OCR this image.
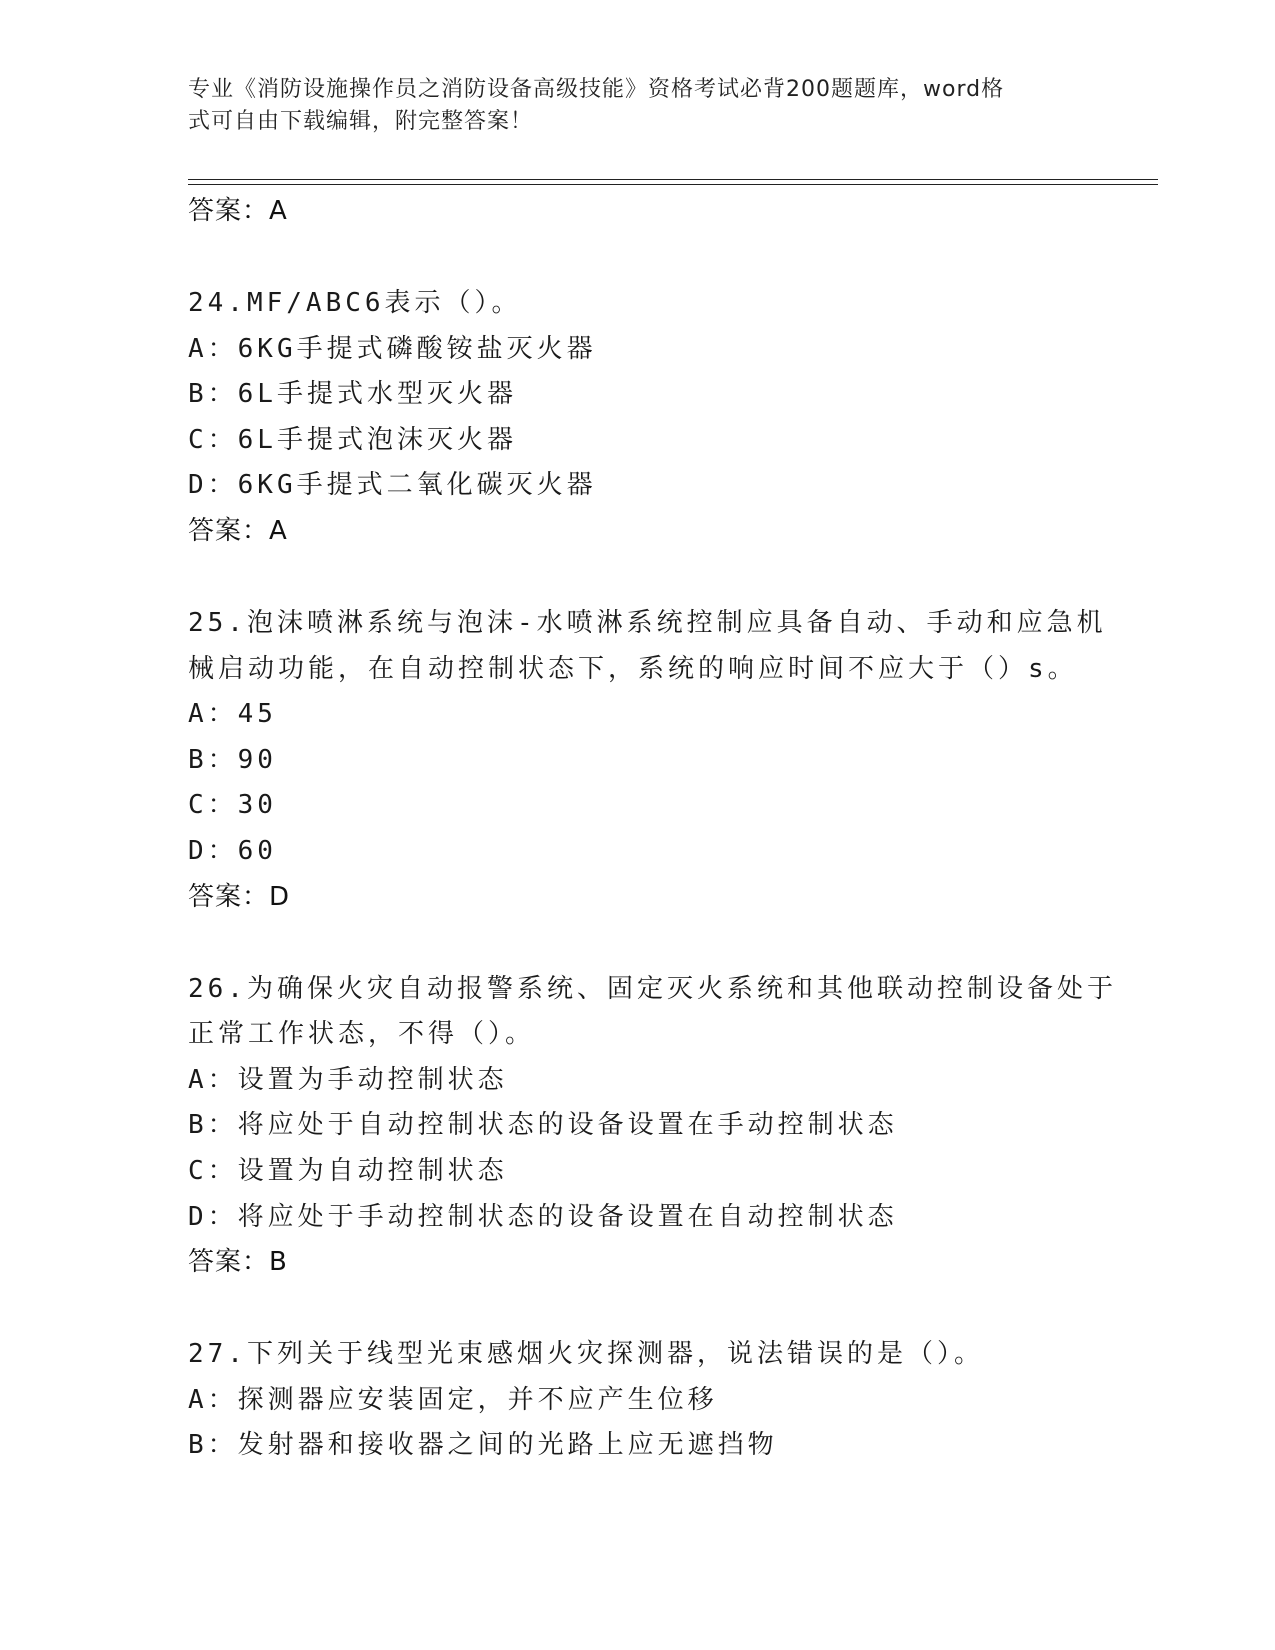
专业《消防设施操作员之消防设备高级技能》资格考试必背200题题库，word格
式可自由下载编辑，附完整答案！
答案：A
24.MF/ABC6表示（）。
A：6KG手提式磷酸铵盐灭火器
B：6L手提式水型灭火器
C：6L手提式泡沫灭火器
D：6KG手提式二氧化碳灭火器
答案：A
25.泡沫喷淋系统与泡沫-水喷淋系统控制应具备自动、手动和应急机
械启动功能，在自动控制状态下，系统的响应时间不应大于（）s。
A：45
B：90
C：30
D：60
答案：D
26.为确保火灾自动报警系统、固定灭火系统和其他联动控制设备处于
正常工作状态，不得（）。
A：设置为手动控制状态
B：将应处于自动控制状态的设备设置在手动控制状态
C：设置为自动控制状态
D：将应处于手动控制状态的设备设置在自动控制状态
答案：B
27.下列关于线型光束感烟火灾探测器，说法错误的是（）。
A：探测器应安装固定，并不应产生位移
B：发射器和接收器之间的光路上应无遮挡物
